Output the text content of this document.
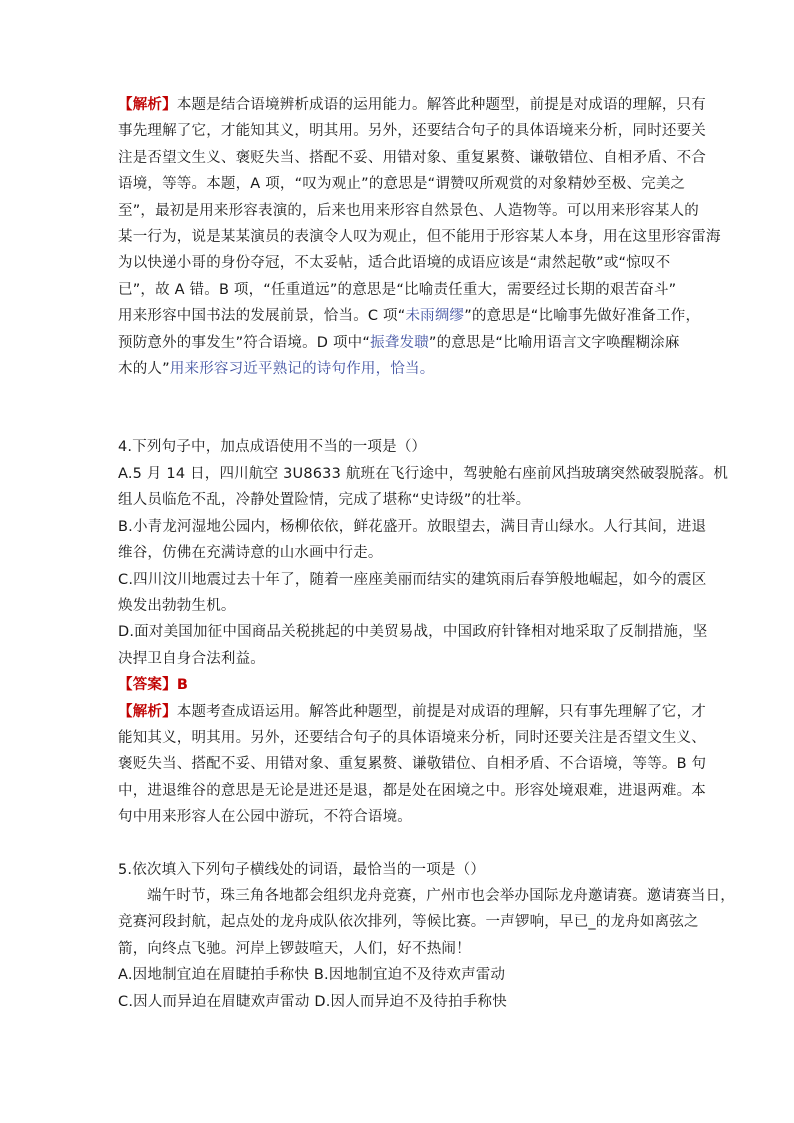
【解析】本题是结合语境辨析成语的运用能力。解答此种题型，前提是对成语的理解，只有
事先理解了它，才能知其义，明其用。另外，还要结合句子的具体语境来分析，同时还要关
注是否望文生义、褒贬失当、搭配不妥、用错对象、重复累赘、谦敬错位、自相矛盾、不合
语境，等等。本题，A 项，“叹为观止”的意思是“谓赞叹所观赏的对象精妙至极、完美之
至”，最初是用来形容表演的，后来也用来形容自然景色、人造物等。可以用来形容某人的
某一行为，说是某某演员的表演令人叹为观止，但不能用于形容某人本身，用在这里形容雷海
为以快递小哥的身份夺冠，不太妥帖，适合此语境的成语应该是“肃然起敬”或“惊叹不
已”，故 A 错。B 项，“任重道远”的意思是“比喻责任重大，需要经过长期的艰苦奋斗”
用来形容中国书法的发展前景，恰当。C 项“未雨绸缪”的意思是“比喻事先做好准备工作，
预防意外的事发生”符合语境。D 项中“振聋发聩”的意思是“比喻用语言文字唤醒糊涂麻
木的人”用来形容习近平熟记的诗句作用，恰当。
4.下列句子中，加点成语使用不当的一项是（）
A.5 月 14 日，四川航空 3U8633 航班在飞行途中，驾驶舱右座前风挡玻璃突然破裂脱落。机
组人员临危不乱，冷静处置险情，完成了堪称“史诗级”的壮举。
B.小青龙河湿地公园内，杨柳依依，鲜花盛开。放眼望去，满目青山绿水。人行其间，进退
维谷，仿佛在充满诗意的山水画中行走。
C.四川汶川地震过去十年了，随着一座座美丽而结实的建筑雨后春笋般地崛起，如今的震区
焕发出勃勃生机。
D.面对美国加征中国商品关税挑起的中美贸易战，中国政府针锋相对地采取了反制措施，坚
决捍卫自身合法利益。
【答案】B
【解析】本题考查成语运用。解答此种题型，前提是对成语的理解，只有事先理解了它，才
能知其义，明其用。另外，还要结合句子的具体语境来分析，同时还要关注是否望文生义、
褒贬失当、搭配不妥、用错对象、重复累赘、谦敬错位、自相矛盾、不合语境，等等。B 句
中，进退维谷的意思是无论是进还是退，都是处在困境之中。形容处境艰难，进退两难。本
句中用来形容人在公园中游玩，不符合语境。
5.依次填入下列句子横线处的词语，最恰当的一项是（）
端午时节，珠三角各地都会组织龙舟竞赛，广州市也会举办国际龙舟邀请赛。邀请赛当日，
竞赛河段封航，起点处的龙舟成队依次排列，等候比赛。一声锣响，早已_的龙舟如离弦之
箭，向终点飞驰。河岸上锣鼓喧天，人们，好不热闹！
A.因地制宜迫在眉睫拍手称快 B.因地制宜迫不及待欢声雷动
C.因人而异迫在眉睫欢声雷动 D.因人而异迫不及待拍手称快
